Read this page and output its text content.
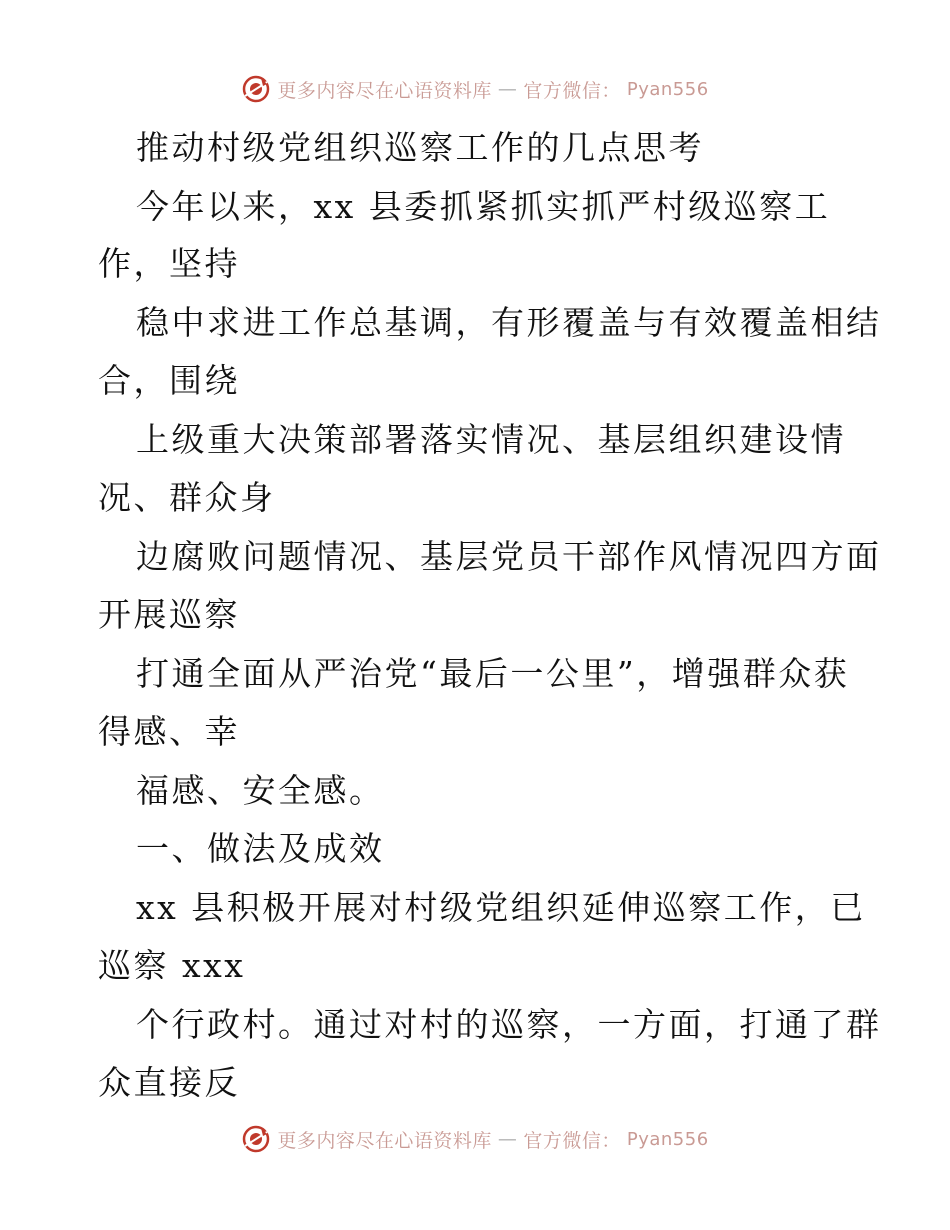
更多内容尽在心语资料库 — 官方微信： Pyan556
推动村级党组织巡察工作的几点思考
今年以来，xx 县委抓紧抓实抓严村级巡察工
作，坚持
稳中求进工作总基调，有形覆盖与有效覆盖相结
合，围绕
上级重大决策部署落实情况、基层组织建设情
况、群众身
边腐败问题情况、基层党员干部作风情况四方面
开展巡察
打通全面从严治党“最后一公里”，增强群众获
得感、幸
福感、安全感。
一、做法及成效
xx 县积极开展对村级党组织延伸巡察工作，已
巡察 xxx
个行政村。通过对村的巡察，一方面，打通了群
众直接反
更多内容尽在心语资料库 — 官方微信： Pyan556
